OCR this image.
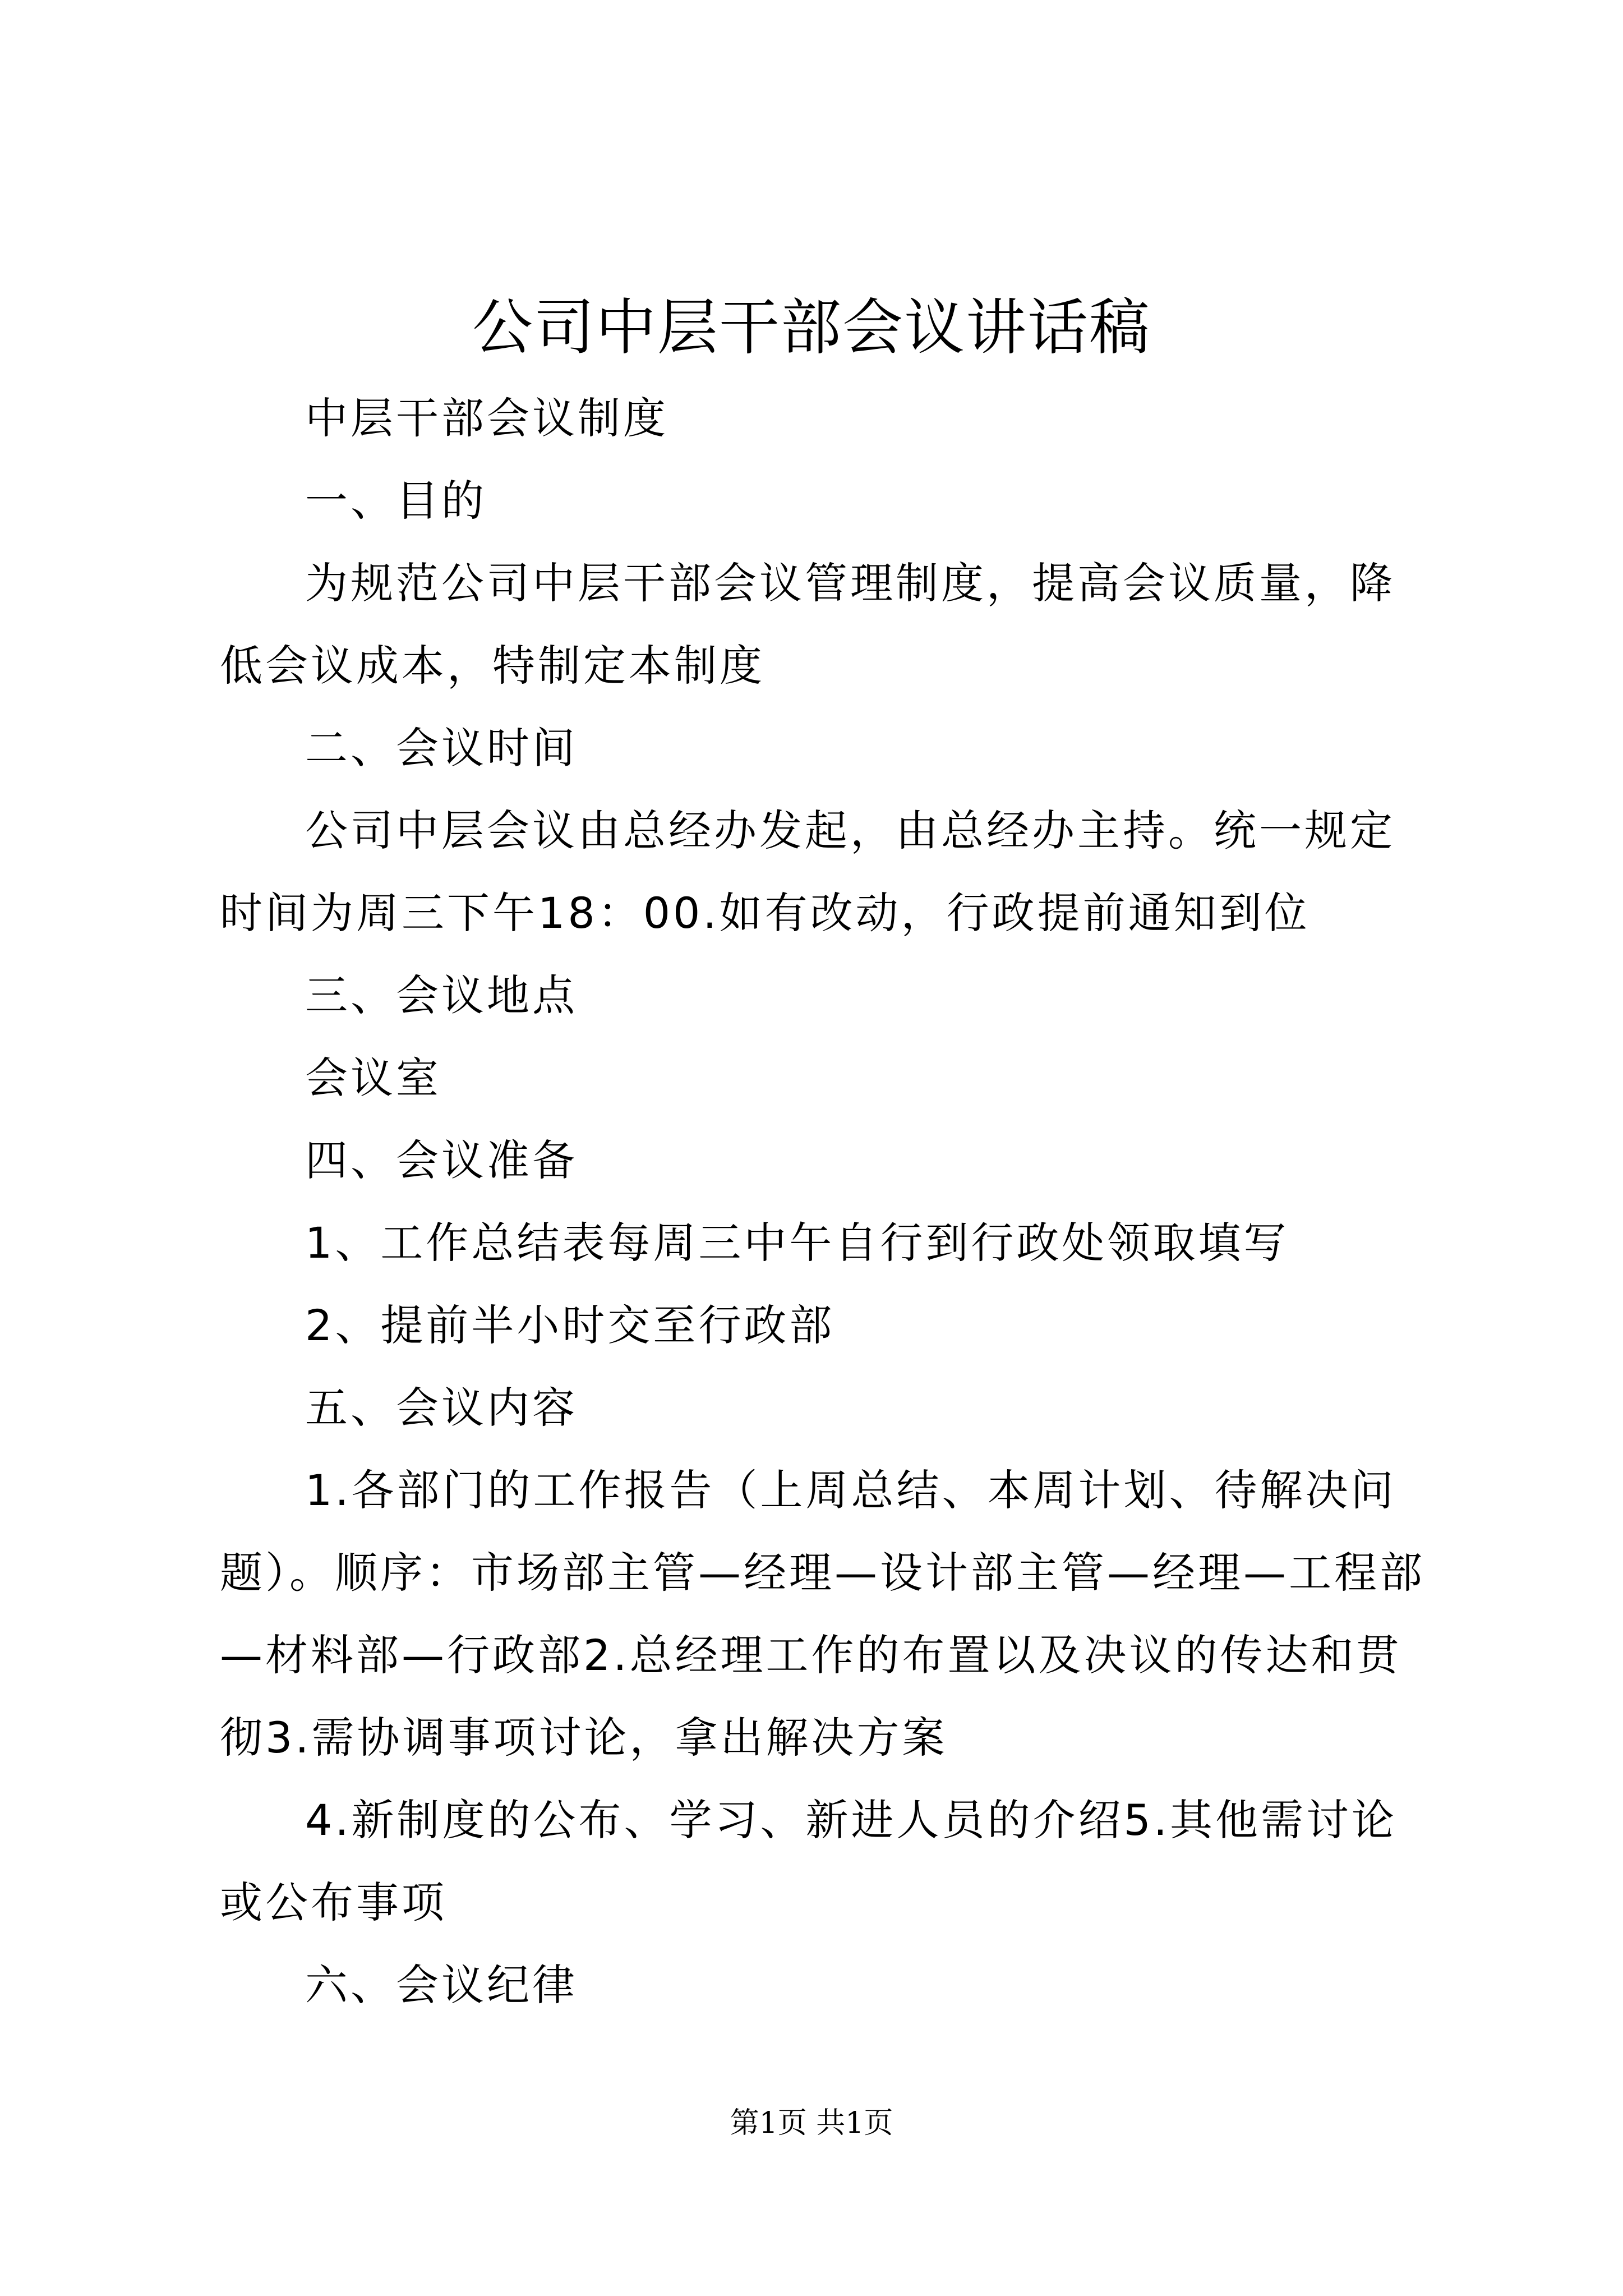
公司中层干部会议讲话稿

中层干部会议制度

一、目的

为规范公司中层干部会议管理制度，提高会议质量，降低会议成本，特制定本制度

二、会议时间

公司中层会议由总经办发起，由总经办主持。统一规定时间为周三下午18：00.如有改动，行政提前通知到位

三、会议地点

会议室

四、会议准备

1、工作总结表每周三中午自行到行政处领取填写

2、提前半小时交至行政部

五、会议内容

1.各部门的工作报告（上周总结、本周计划、待解决问题）。顺序：市场部主管—经理—设计部主管—经理—工程部—材料部—行政部2.总经理工作的布置以及决议的传达和贯彻3.需协调事项讨论，拿出解决方案

4.新制度的公布、学习、新进人员的介绍5.其他需讨论或公布事项

六、会议纪律

第1页 共1页
